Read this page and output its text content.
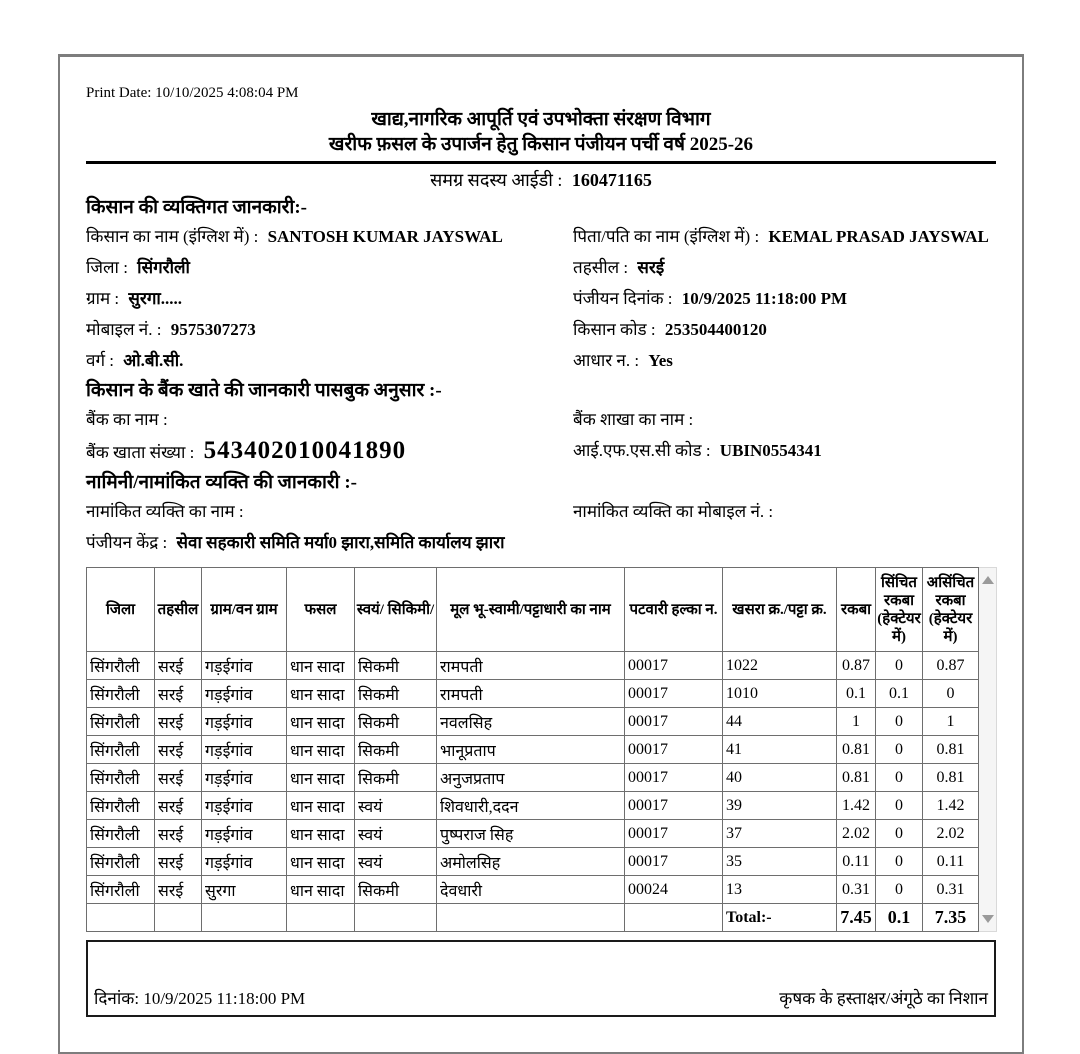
Print Date: 10/10/2025 4:08:04 PM
खाद्य,नागरिक आपूर्ति एवं उपभोक्ता संरक्षण विभाग
खरीफ फ़सल के उपार्जन हेतु किसान पंजीयन पर्ची वर्ष 2025-26
समग्र सदस्य आईडी : 160471165
किसान की व्यक्तिगत जानकारी:-
किसान का नाम (इंग्लिश में) : SANTOSH KUMAR JAYSWAL	पिता/पति का नाम (इंग्लिश में) : KEMAL PRASAD JAYSWAL
जिला : सिंगरौली	तहसील : सरई
ग्राम : सुरगा.....	पंजीयन दिनांक : 10/9/2025 11:18:00 PM
मोबाइल नं. : 9575307273	किसान कोड : 253504400120
वर्ग : ओ.बी.सी.	आधार न. : Yes
किसान के बैंक खाते की जानकारी पासबुक अनुसार :-
बैंक का नाम :	बैंक शाखा का नाम :
बैंक खाता संख्या : 543402010041890	आई.एफ.एस.सी कोड : UBIN0554341
नामिनी/नामांकित व्यक्ति की जानकारी :-
नामांकित व्यक्ति का नाम :	नामांकित व्यक्ति का मोबाइल नं. :
पंजीयन केंद्र : सेवा सहकारी समिति मर्या0 झारा,समिति कार्यालय झारा
जिला	तहसील	ग्राम/वन ग्राम	फसल	स्वयं/ सिकिमी/	मूल भू-स्वामी/पट्टाधारी का नाम	पटवारी हल्का न.	खसरा क्र./पट्टा क्र.	रकबा	सिंचित रकबा (हेक्टेयर में)	असिंचित रकबा (हेक्टेयर में)
सिंगरौली	सरई	गड़ईगांव	धान सादा	सिकमी	रामपती	00017	1022	0.87	0	0.87
सिंगरौली	सरई	गड़ईगांव	धान सादा	सिकमी	रामपती	00017	1010	0.1	0.1	0
सिंगरौली	सरई	गड़ईगांव	धान सादा	सिकमी	नवलसिह	00017	44	1	0	1
सिंगरौली	सरई	गड़ईगांव	धान सादा	सिकमी	भानूप्रताप	00017	41	0.81	0	0.81
सिंगरौली	सरई	गड़ईगांव	धान सादा	सिकमी	अनुजप्रताप	00017	40	0.81	0	0.81
सिंगरौली	सरई	गड़ईगांव	धान सादा	स्वयं	शिवधारी,ददन	00017	39	1.42	0	1.42
सिंगरौली	सरई	गड़ईगांव	धान सादा	स्वयं	पुष्पराज सिह	00017	37	2.02	0	2.02
सिंगरौली	सरई	गड़ईगांव	धान सादा	स्वयं	अमोलसिह	00017	35	0.11	0	0.11
सिंगरौली	सरई	सुरगा	धान सादा	सिकमी	देवधारी	00024	13	0.31	0	0.31
							Total:-	7.45	0.1	7.35
दिनांक: 10/9/2025 11:18:00 PM	कृषक के हस्ताक्षर/अंगूठे का निशान
